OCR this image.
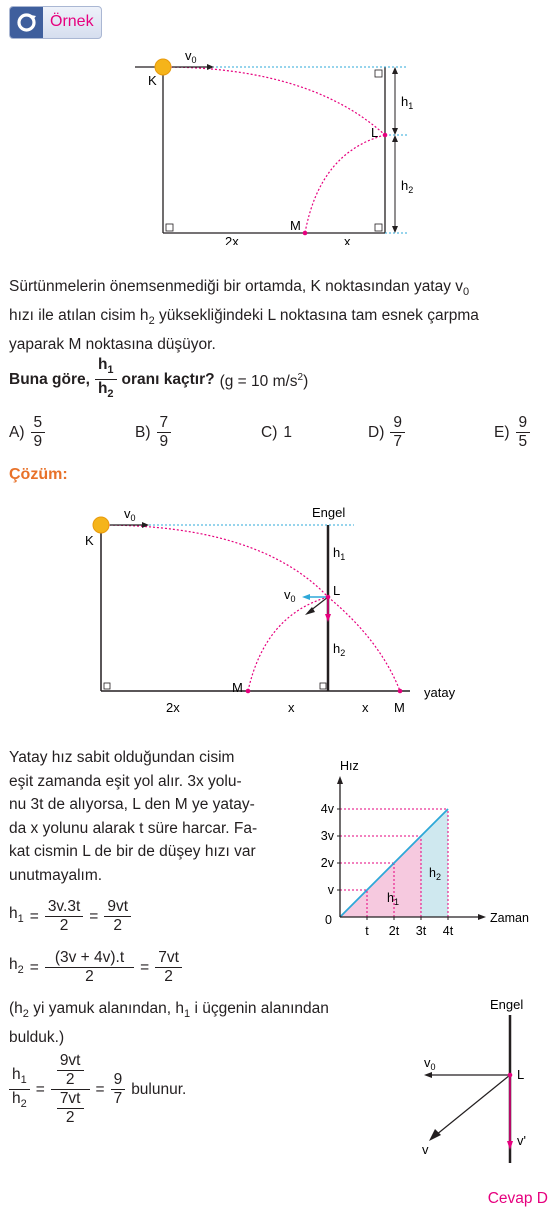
Örnek
K
$v_0$
L
M
$h_1$
$h_2$
2x	x
Sürtünmelerin önemsenmediği bir ortamda, K noktasından yatay $v_0$
hızı ile atılan cisim $h_2$ yüksekliğindeki L noktasına tam esnek çarpma
yaparak M noktasına düşüyor.
Buna göre, $\frac{h_1}{h_2}$ oranı kaçtır? (g = 10 $m/s^2$)
$A) \frac{5}{9}$	$B) \frac{7}{9}$	C) 1	$D) \frac{9}{7}$	$E) \frac{9}{5}$
Çözüm:
Engel
K
$v_0$
$v_0$
L
$h_1$
$h_2$
M
M
2x	x	x
yatay
Yatay hız sabit olduğundan cisim
eşit zamanda eşit yol alır. 3x yolu-
nu 3t de alıyorsa, L den M ye yatay-
da x yolunu alarak t süre harcar. Fa-
kat cismin L de bir de düşey hızı var
unutmayalım.
$h_1 = \frac{3v.3t}{2} = \frac{9vt}{2}$
$h_2 = \frac{(3v + 4v).t}{2} = \frac{7vt}{2}$
($h_2$ yi yamuk alanından, $h_1$ i üçgenin alanından
bulduk.)
$\frac{h_1}{h_2} = \frac{\frac{9vt}{2}}{\frac{7vt}{2}} = \frac{9}{7}$ bulunur.
v
t
2v
2t
3v
3t
4v
4t
Hız
Zaman
0
$h_1$
$h_2$
Engel
$v_0$	L
v
v'
Cevap D
